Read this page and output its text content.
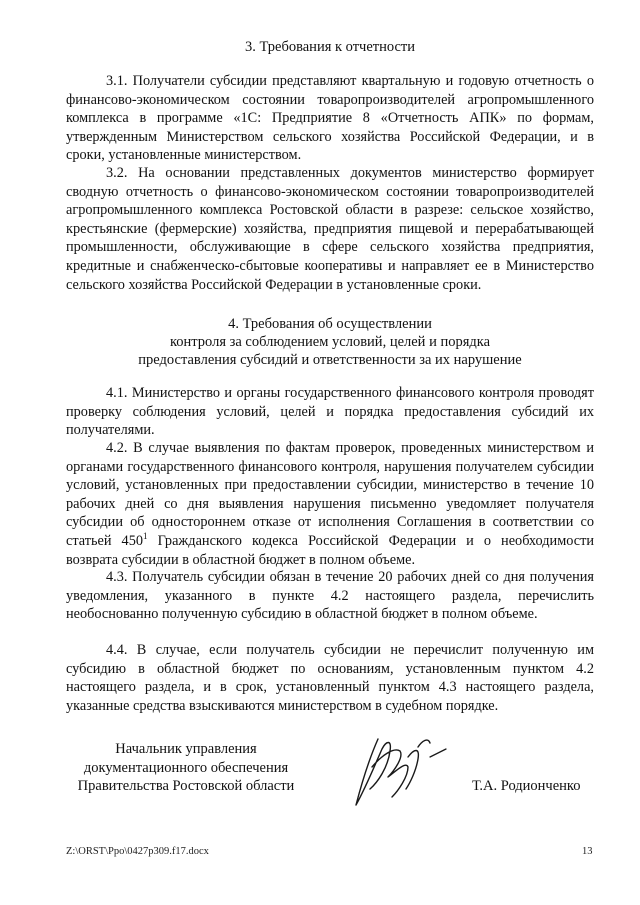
3. Требования к отчетности

3.1. Получатели субсидии представляют квартальную и годовую отчетность о финансово-экономическом состоянии товаропроизводителей агропромышленного комплекса в программе «1С: Предприятие 8 «Отчетность АПК» по формам, утвержденным Министерством сельского хозяйства Российской Федерации, и в сроки, установленные министерством.

3.2. На основании представленных документов министерство формирует сводную отчетность о финансово-экономическом состоянии товаропроизводителей агропромышленного комплекса Ростовской области в разрезе: сельское хозяйство, крестьянские (фермерские) хозяйства, предприятия пищевой и перерабатывающей промышленности, обслуживающие в сфере сельского хозяйства предприятия, кредитные и снабженческо-сбытовые кооперативы и направляет ее в Министерство сельского хозяйства Российской Федерации в установленные сроки.

4. Требования об осуществлении
контроля за соблюдением условий, целей и порядка
предоставления субсидий и ответственности за их нарушение

4.1. Министерство и органы государственного финансового контроля проводят проверку соблюдения условий, целей и порядка предоставления субсидий их получателями.

4.2. В случае выявления по фактам проверок, проведенных министерством и органами государственного финансового контроля, нарушения получателем субсидии условий, установленных при предоставлении субсидии, министерство в течение 10 рабочих дней со дня выявления нарушения письменно уведомляет получателя субсидии об одностороннем отказе от исполнения Соглашения в соответствии со статьей $450^1$ Гражданского кодекса Российской Федерации и о необходимости возврата субсидии в областной бюджет в полном объеме.

4.3. Получатель субсидии обязан в течение 20 рабочих дней со дня получения уведомления, указанного в пункте 4.2 настоящего раздела, перечислить необоснованно полученную субсидию в областной бюджет в полном объеме.

4.4. В случае, если получатель субсидии не перечислит полученную им субсидию в областной бюджет по основаниям, установленным пунктом 4.2 настоящего раздела, и в срок, установленный пунктом 4.3 настоящего раздела, указанные средства взыскиваются министерством в судебном порядке.

Начальник управления
документационного обеспечения
Правительства Ростовской области	Т.А. Родионченко
Z:\ORST\Ppo\0427p309.f17.docx	13
